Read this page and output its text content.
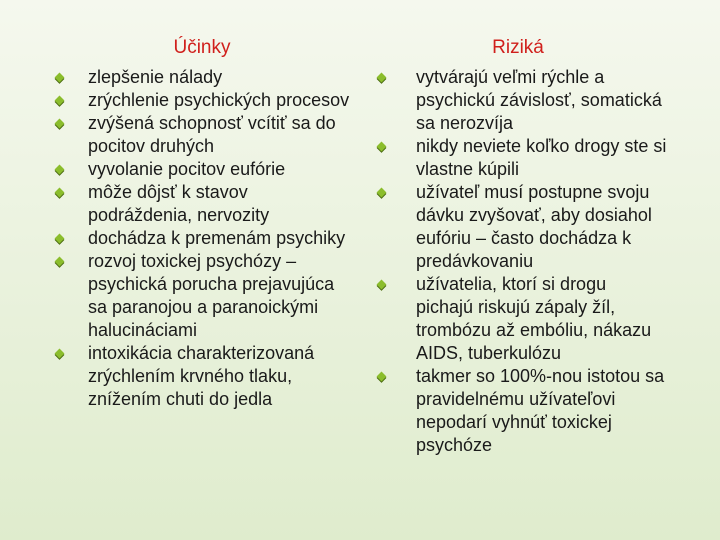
Účinky
zlepšenie nálady
zrýchlenie psychických procesov
zvýšená schopnosť vcítiť sa do pocitov druhých
vyvolanie pocitov eufórie
môže dôjsť k stavov podráždenia, nervozity
dochádza k premenám psychiky
rozvoj toxickej psychózy – psychická porucha prejavujúca sa paranojou a paranoickými halucináciami
intoxikácia charakterizovaná zrýchlením krvného tlaku, znížením chuti do jedla
Riziká
vytvárajú veľmi rýchle a psychickú závislosť, somatická sa nerozvíja
nikdy neviete koľko drogy ste si vlastne kúpili
užívateľ musí postupne svoju dávku zvyšovať, aby dosiahol eufóriu – často dochádza k predávkovaniu
užívatelia, ktorí si drogu pichajú riskujú zápaly žíl, trombózu až embóliu, nákazu AIDS, tuberkulózu
takmer so 100%-nou istotou sa pravidelnému užívateľovi nepodarí vyhnúť toxickej psychóze
